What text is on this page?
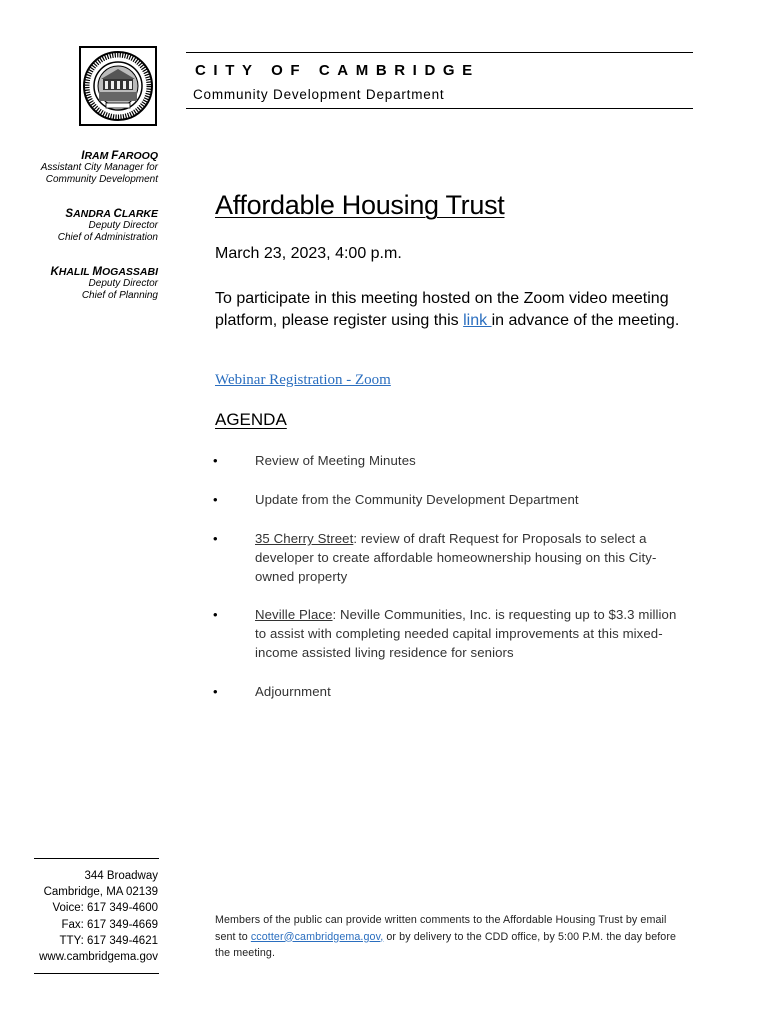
CITY OF CAMBRIDGE
Community Development Department
IRAM FAROOQ
Assistant City Manager for
Community Development
SANDRA CLARKE
Deputy Director
Chief of Administration
KHALIL MOGASSABI
Deputy Director
Chief of Planning
Affordable Housing Trust
March 23, 2023, 4:00 p.m.
To participate in this meeting hosted on the Zoom video meeting platform, please register using this link in advance of the meeting.
Webinar Registration - Zoom
AGENDA
•	Review of Meeting Minutes
•	Update from the Community Development Department
•	35 Cherry Street: review of draft Request for Proposals to select a developer to create affordable homeownership housing on this City-owned property
•	Neville Place: Neville Communities, Inc. is requesting up to $3.3 million to assist with completing needed capital improvements at this mixed-income assisted living residence for seniors
•	Adjournment
344 Broadway
Cambridge, MA 02139
Voice: 617 349-4600
Fax: 617 349-4669
TTY: 617 349-4621
www.cambridgema.gov
Members of the public can provide written comments to the Affordable Housing Trust by email sent to ccotter@cambridgema.gov, or by delivery to the CDD office, by 5:00 P.M. the day before the meeting.
